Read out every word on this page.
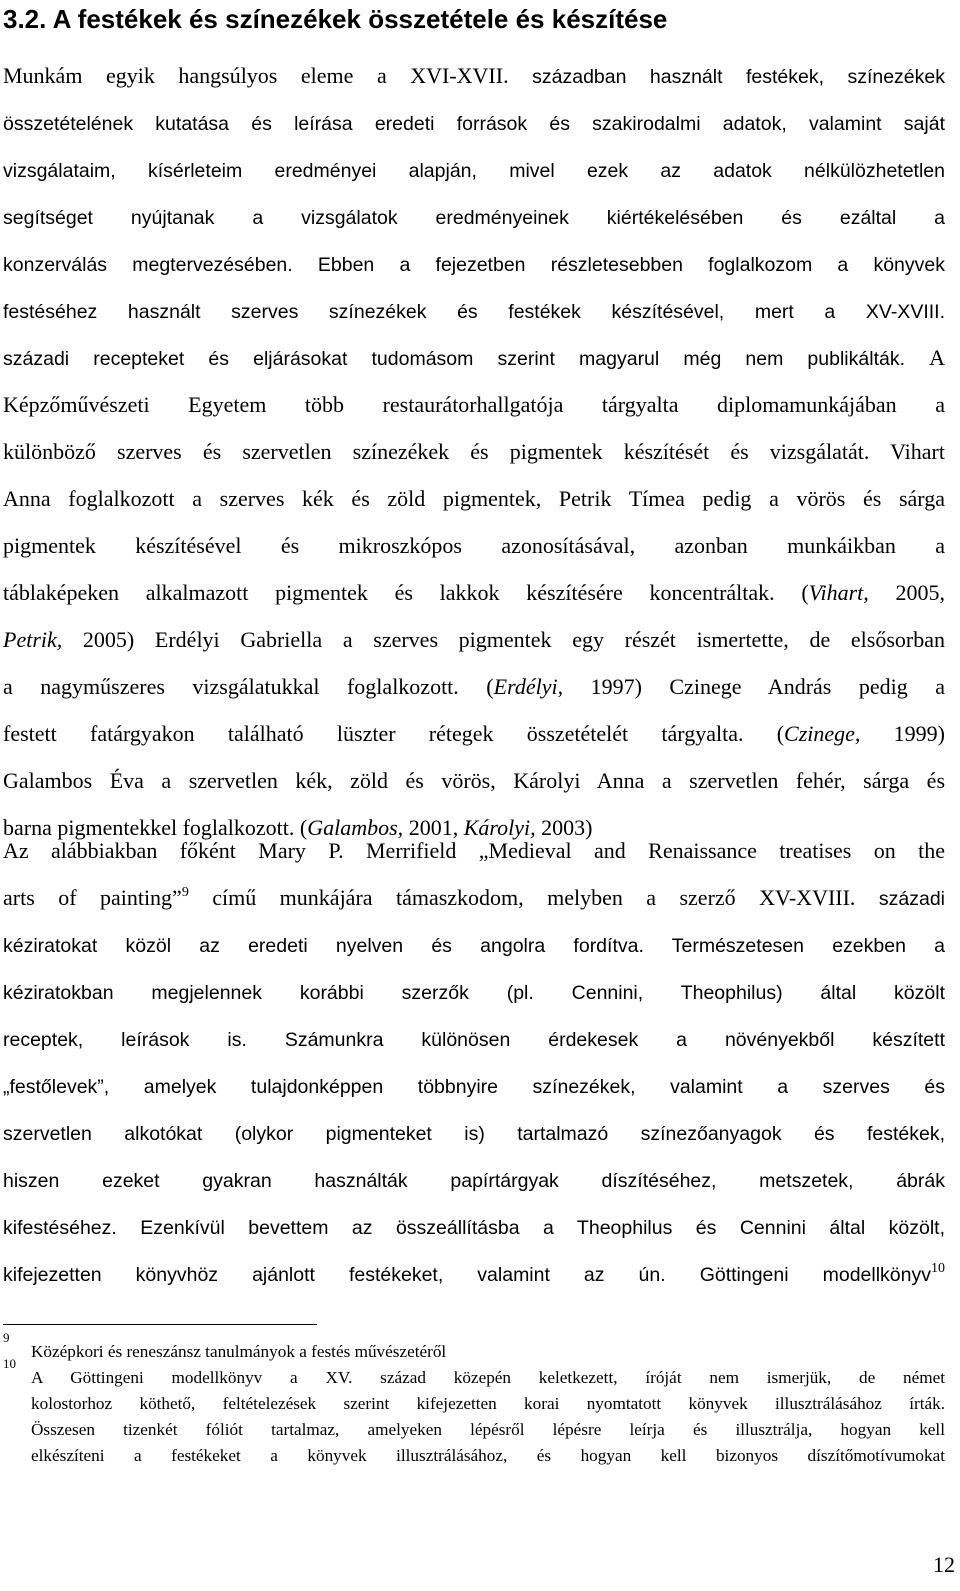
3.2. A festékek és színezékek összetétele és készítése
Munkám egyik hangsúlyos eleme a XVI-XVII. században használt festékek, színezékek
összetételének kutatása és leírása eredeti források és szakirodalmi adatok, valamint saját
vizsgálataim, kísérleteim eredményei alapján, mivel ezek az adatok nélkülözhetetlen
segítséget nyújtanak a vizsgálatok eredményeinek kiértékelésében és ezáltal a
konzerválás megtervezésében. Ebben a fejezetben részletesebben foglalkozom a könyvek
festéséhez használt szerves színezékek és festékek készítésével, mert a XV-XVIII.
századi recepteket és eljárásokat tudomásom szerint magyarul még nem publikálták. A
Képzőművészeti Egyetem több restaurátorhallgatója tárgyalta diplomamunkájában a
különböző szerves és szervetlen színezékek és pigmentek készítését és vizsgálatát. Vihart
Anna foglalkozott a szerves kék és zöld pigmentek, Petrik Tímea pedig a vörös és sárga
pigmentek készítésével és mikroszkópos azonosításával, azonban munkáikban a
táblaképeken alkalmazott pigmentek és lakkok készítésére koncentráltak. (Vihart, 2005,
Petrik, 2005) Erdélyi Gabriella a szerves pigmentek egy részét ismertette, de elsősorban
a nagyműszeres vizsgálatukkal foglalkozott. (Erdélyi, 1997) Czinege András pedig a
festett fatárgyakon található lüszter rétegek összetételét tárgyalta. (Czinege, 1999)
Galambos Éva a szervetlen kék, zöld és vörös, Károlyi Anna a szervetlen fehér, sárga és
barna pigmentekkel foglalkozott. (Galambos, 2001, Károlyi, 2003)
Az alábbiakban főként Mary P. Merrifield „Medieval and Renaissance treatises on the
arts of painting”$^9$ című munkájára támaszkodom, melyben a szerző XV-XVIII. századi
kéziratokat közöl az eredeti nyelven és angolra fordítva. Természetesen ezekben a
kéziratokban megjelennek korábbi szerzők (pl. Cennini, Theophilus) által közölt
receptek, leírások is. Számunkra különösen érdekesek a növényekből készített
„festőlevek”, amelyek tulajdonképpen többnyire színezékek, valamint a szerves és
szervetlen alkotókat (olykor pigmenteket is) tartalmazó színezőanyagok és festékek,
hiszen ezeket gyakran használták papírtárgyak díszítéséhez, metszetek, ábrák
kifestéséhez. Ezenkívül bevettem az összeállításba a Theophilus és Cennini által közölt,
kifejezetten könyvhöz ajánlott festékeket, valamint az ún. Göttingeni modellkönyv$^{10}$
9
Középkori és reneszánsz tanulmányok a festés művészetéről
10
A Göttingeni modellkönyv a XV. század közepén keletkezett, íróját nem ismerjük, de német
kolostorhoz köthető, feltételezések szerint kifejezetten korai nyomtatott könyvek illusztrálásához írták.
Összesen tizenkét fóliót tartalmaz, amelyeken lépésről lépésre leírja és illusztrálja, hogyan kell
elkészíteni a festékeket a könyvek illusztrálásához, és hogyan kell bizonyos díszítőmotívumokat
12
